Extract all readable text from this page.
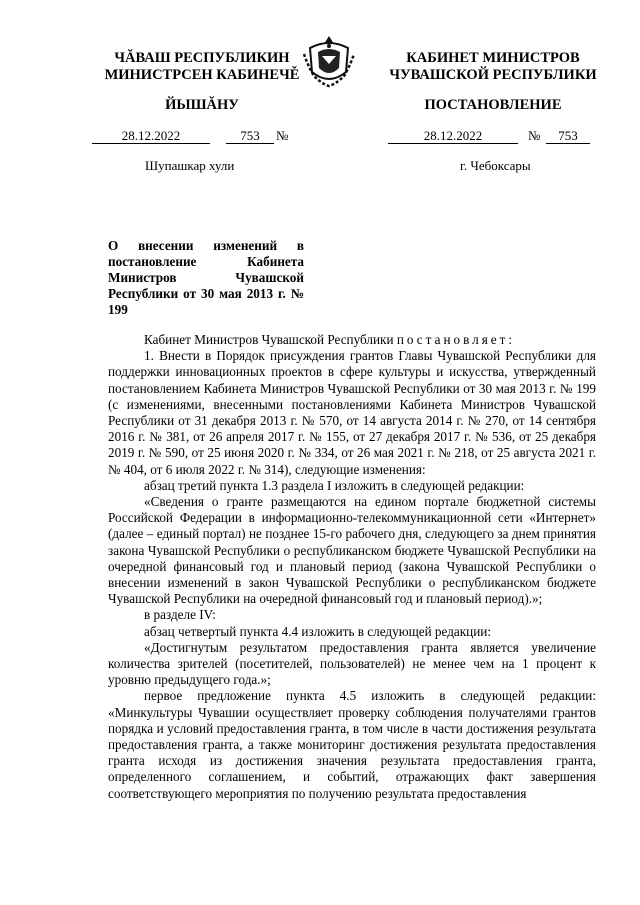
ЧĂВАШ РЕСПУБЛИКИН
МИНИСТРСЕН КАБИНЕЧĚ
ЙЫШĂНУ
КАБИНЕТ МИНИСТРОВ
ЧУВАШСКОЙ РЕСПУБЛИКИ
ПОСТАНОВЛЕНИЕ
28.12.2022	753	№	28.12.2022	№	753
Шупашкар хули	г. Чебоксары
О внесении изменений в постановление Кабинета Министров Чувашской Республики от 30 мая 2013 г. № 199

Кабинет Министров Чувашской Республики постановляет:

1. Внести в Порядок присуждения грантов Главы Чувашской Республики для поддержки инновационных проектов в сфере культуры и искусства, утвержденный постановлением Кабинета Министров Чувашской Республики от 30 мая 2013 г. № 199 (с изменениями, внесенными постановлениями Кабинета Министров Чувашской Республики от 31 декабря 2013 г. № 570, от 14 августа 2014 г. № 270, от 14 сентября 2016 г. № 381, от 26 апреля 2017 г. № 155, от 27 декабря 2017 г. № 536, от 25 декабря 2019 г. № 590, от 25 июня 2020 г. № 334, от 26 мая 2021 г. № 218, от 25 августа 2021 г. № 404, от 6 июля 2022 г. № 314), следующие изменения:

абзац третий пункта 1.3 раздела I изложить в следующей редакции:

«Сведения о гранте размещаются на едином портале бюджетной системы Российской Федерации в информационно-телекоммуникационной сети «Интернет» (далее – единый портал) не позднее 15-го рабочего дня, следующего за днем принятия закона Чувашской Республики о республиканском бюджете Чувашской Республики на очередной финансовый год и плановый период (закона Чувашской Республики о внесении изменений в закон Чувашской Республики о республиканском бюджете Чувашской Республики на очередной финансовый год и плановый период).»;

в разделе IV:

абзац четвертый пункта 4.4 изложить в следующей редакции:

«Достигнутым результатом предоставления гранта является увеличение количества зрителей (посетителей, пользователей) не менее чем на 1 процент к уровню предыдущего года.»;

первое предложение пункта 4.5 изложить в следующей редакции: «Минкультуры Чувашии осуществляет проверку соблюдения получателями грантов порядка и условий предоставления гранта, в том числе в части достижения результата предоставления гранта, а также мониторинг достижения результата предоставления гранта исходя из достижения значения результата предоставления гранта, определенного соглашением, и событий, отражающих факт завершения соответствующего мероприятия по получению результата предоставления
